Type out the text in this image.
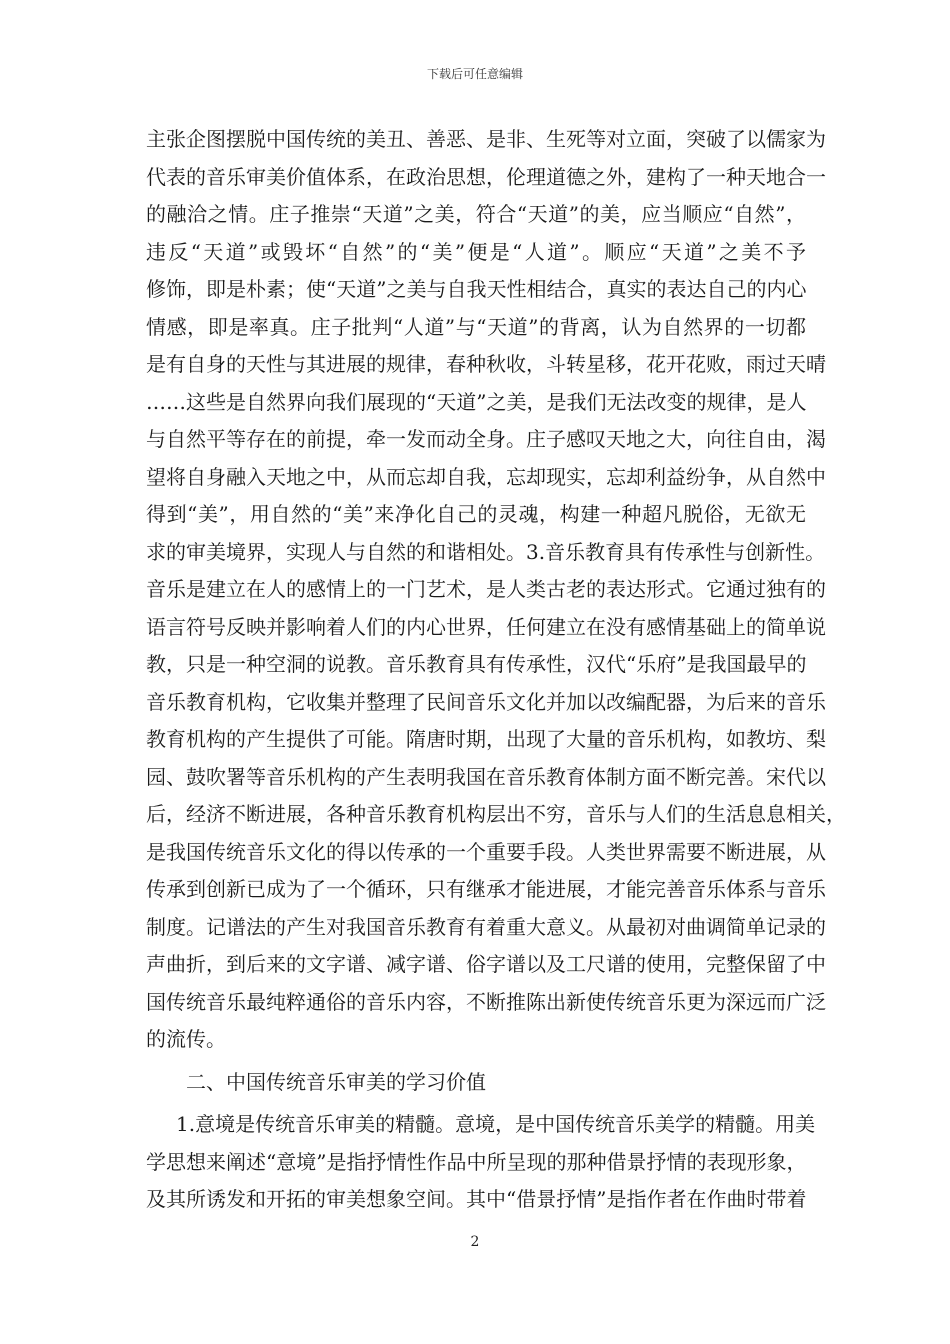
下载后可任意编辑
主张企图摆脱中国传统的美丑、善恶、是非、生死等对立面，突破了以儒家为
代表的音乐审美价值体系，在政治思想，伦理道德之外，建构了一种天地合一
的融洽之情。庄子推崇“天道”之美，符合“天道”的美，应当顺应“自然”，
违反“天道”或毁坏“自然”的“美”便是“人道”。顺应“天道”之美不予
修饰，即是朴素；使“天道”之美与自我天性相结合，真实的表达自己的内心
情感，即是率真。庄子批判“人道”与“天道”的背离，认为自然界的一切都
是有自身的天性与其进展的规律，春种秋收，斗转星移，花开花败，雨过天晴
……这些是自然界向我们展现的“天道”之美，是我们无法改变的规律，是人
与自然平等存在的前提，牵一发而动全身。庄子感叹天地之大，向往自由，渴
望将自身融入天地之中，从而忘却自我，忘却现实，忘却利益纷争，从自然中
得到“美”，用自然的“美”来净化自己的灵魂，构建一种超凡脱俗，无欲无
求的审美境界，实现人与自然的和谐相处。3.音乐教育具有传承性与创新性。
音乐是建立在人的感情上的一门艺术，是人类古老的表达形式。它通过独有的
语言符号反映并影响着人们的内心世界，任何建立在没有感情基础上的简单说
教，只是一种空洞的说教。音乐教育具有传承性，汉代“乐府”是我国最早的
音乐教育机构，它收集并整理了民间音乐文化并加以改编配器，为后来的音乐
教育机构的产生提供了可能。隋唐时期，出现了大量的音乐机构，如教坊、梨
园、鼓吹署等音乐机构的产生表明我国在音乐教育体制方面不断完善。宋代以
后，经济不断进展，各种音乐教育机构层出不穷，音乐与人们的生活息息相关，
是我国传统音乐文化的得以传承的一个重要手段。人类世界需要不断进展，从
传承到创新已成为了一个循环，只有继承才能进展，才能完善音乐体系与音乐
制度。记谱法的产生对我国音乐教育有着重大意义。从最初对曲调简单记录的
声曲折，到后来的文字谱、减字谱、俗字谱以及工尺谱的使用，完整保留了中
国传统音乐最纯粹通俗的音乐内容，不断推陈出新使传统音乐更为深远而广泛
的流传。
二、中国传统音乐审美的学习价值
1.意境是传统音乐审美的精髓。意境，是中国传统音乐美学的精髓。用美
学思想来阐述“意境”是指抒情性作品中所呈现的那种借景抒情的表现形象，
及其所诱发和开拓的审美想象空间。其中“借景抒情”是指作者在作曲时带着
2
